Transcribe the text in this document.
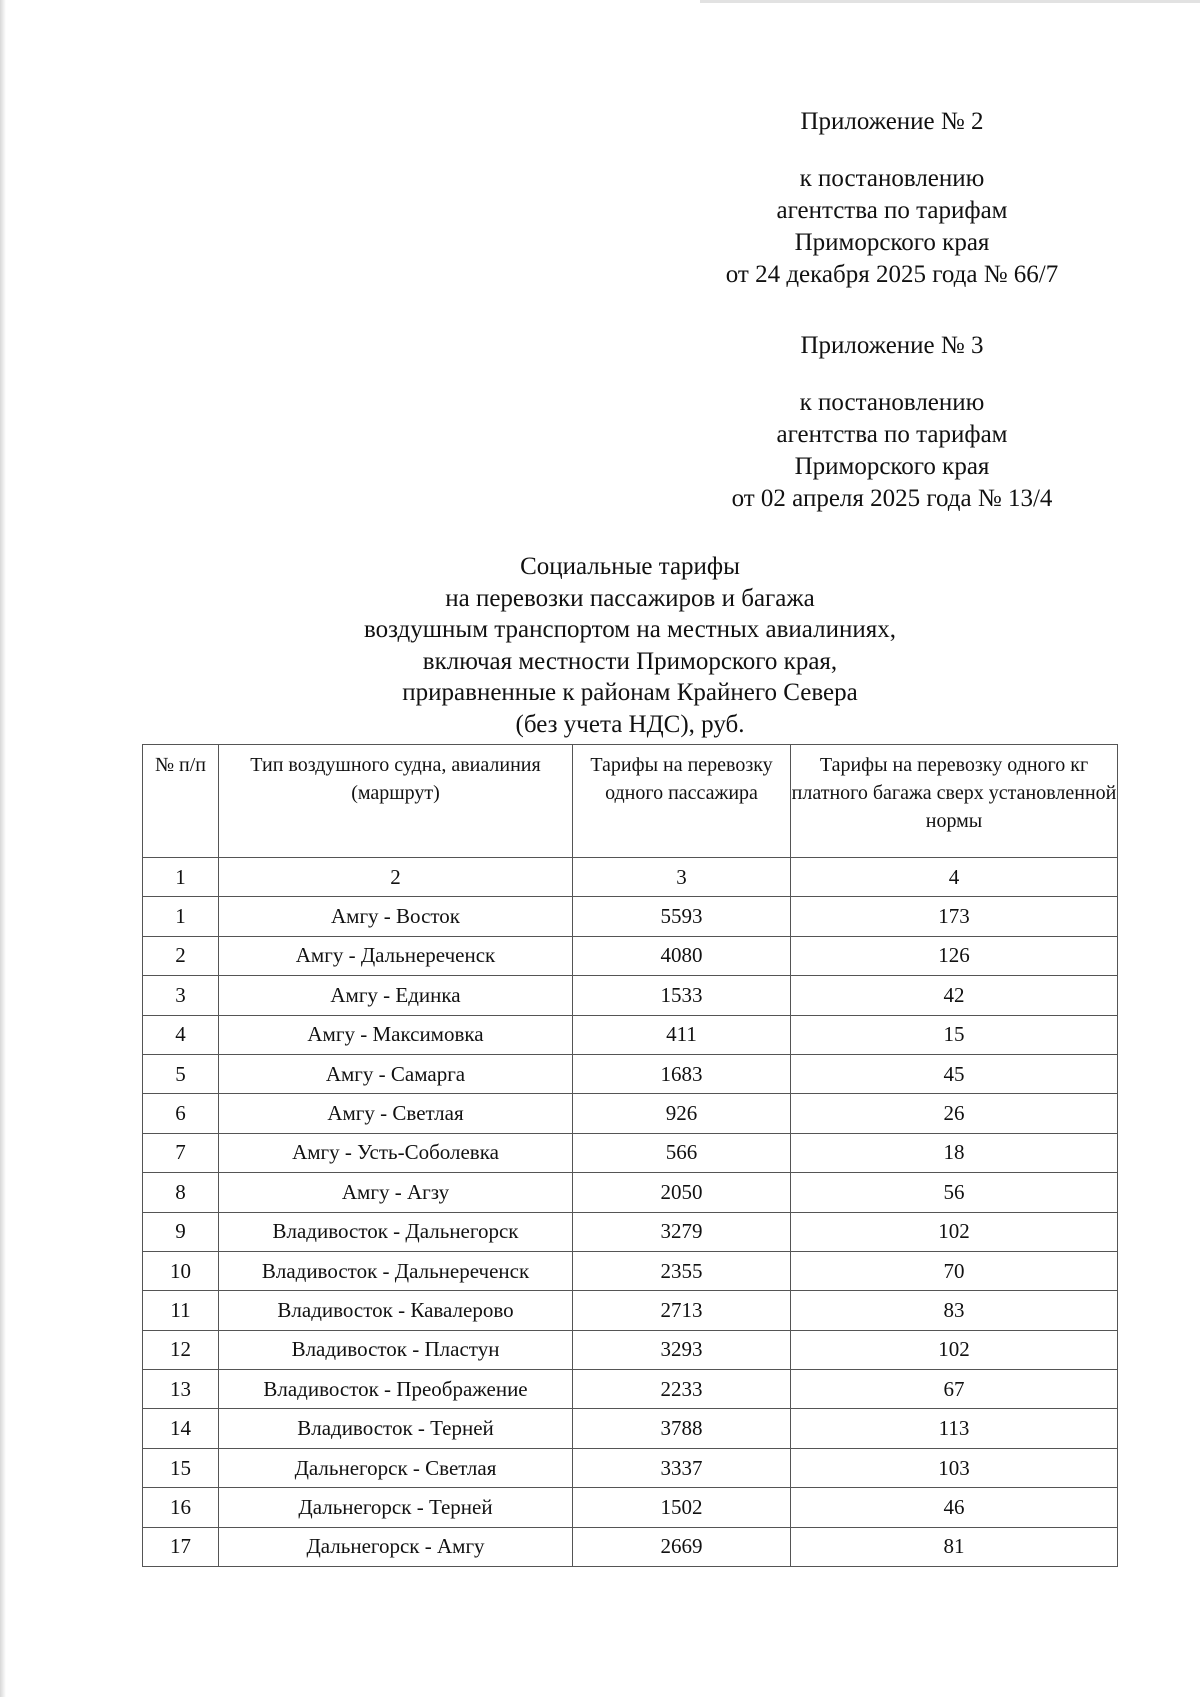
Приложение № 2
к постановлению
агентства по тарифам
Приморского края
от 24 декабря 2025 года № 66/7
Приложение № 3
к постановлению
агентства по тарифам
Приморского края
от 02 апреля 2025 года № 13/4
Социальные тарифы
на перевозки пассажиров и багажа
воздушным транспортом на местных авиалиниях,
включая местности Приморского края,
приравненные к районам Крайнего Севера
(без учета НДС), руб.
№ п/п	Тип воздушного судна, авиалиния (маршрут)	Тарифы на перевозку одного пассажира	Тарифы на перевозку одного кг платного багажа сверх установленной нормы
1	2	3	4
1	Амгу - Восток	5593	173
2	Амгу - Дальнереченск	4080	126
3	Амгу - Единка	1533	42
4	Амгу - Максимовка	411	15
5	Амгу - Самарга	1683	45
6	Амгу - Светлая	926	26
7	Амгу - Усть-Соболевка	566	18
8	Амгу - Агзу	2050	56
9	Владивосток - Дальнегорск	3279	102
10	Владивосток - Дальнереченск	2355	70
11	Владивосток - Кавалерово	2713	83
12	Владивосток - Пластун	3293	102
13	Владивосток - Преображение	2233	67
14	Владивосток - Терней	3788	113
15	Дальнегорск - Светлая	3337	103
16	Дальнегорск - Терней	1502	46
17	Дальнегорск - Амгу	2669	81
